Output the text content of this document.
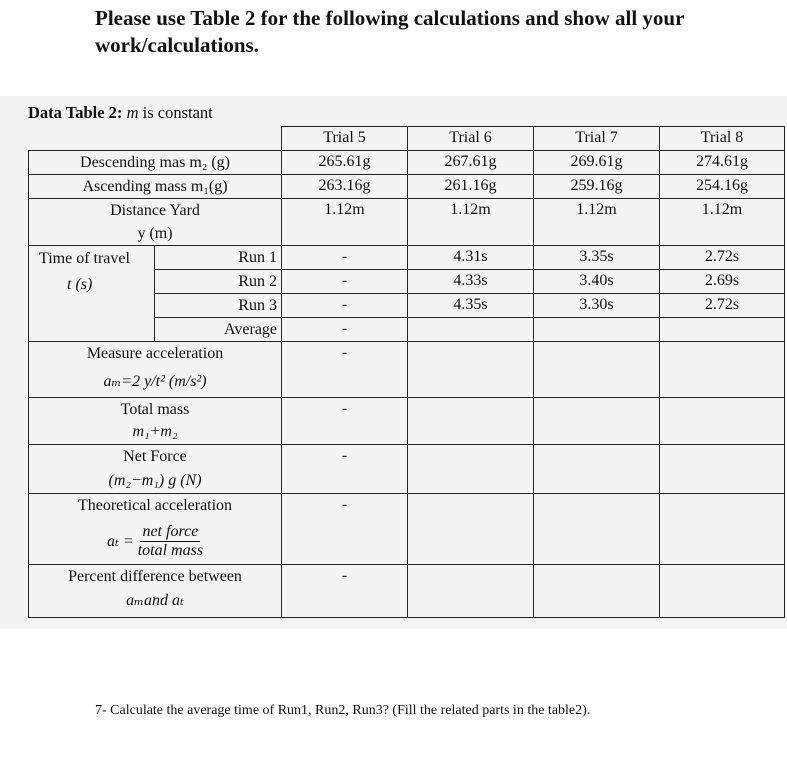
Please use Table 2 for the following calculations and show all your work/calculations.

Data Table 2: m is constant
		Trial 5	Trial 6	Trial 7	Trial 8
Descending mas m₂ (g)		265.61g	267.61g	269.61g	274.61g
Ascending mass m₁(g)		263.16g	261.16g	259.16g	254.16g

Distance Yard
y (m)		1.12m	1.12m	1.12m	1.12m

Time of travel
t (s)	Run 1	-	4.31s	3.35s	2.72s
	Run 2	-	4.33s	3.40s	2.69s
	Run 3	-	4.35s	3.30s	2.72s
	Average	-			

Measure acceleration
aₘ=2 y/t² (m/s²)		-			

Total mass
m₁+m₂		-			

Net Force
(m₂−m₁) g (N)		-			

Theoretical acceleration
$a_t = \frac{\text{net force}}{\text{total mass}}$		-			

Percent difference between
aₘand aₜ		-			
7- Calculate the average time of Run1, Run2, Run3? (Fill the related parts in the table2).
